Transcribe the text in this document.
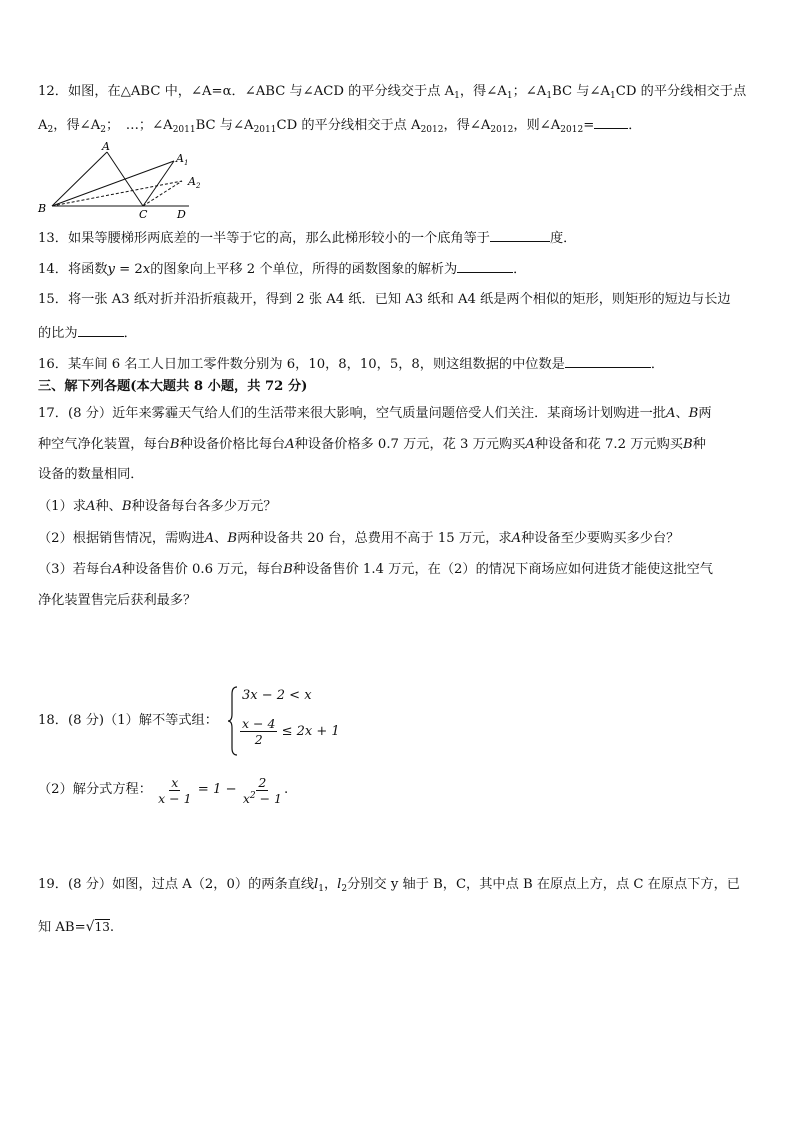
12．如图，在△ABC 中，∠A=α．∠ABC 与∠ACD 的平分线交于点 $A_1$，得$\angle A_1$；$\angle A_1BC$ 与$\angle A_1CD$ 的平分线相交于点
$A_2$，得$\angle A_2$；　…；$\angle A_{2011}BC$ 与$\angle A_{2011}CD$ 的平分线相交于点 $A_{2012}$，得$\angle A_{2012}$，则$\angle A_{2012}=$	．
A
$A_1$
$A_2$
B	C	D
13．如果等腰梯形两底差的一半等于它的高，那么此梯形较小的一个底角等于	度．
14．将函数y = 2x的图象向上平移 2 个单位，所得的函数图象的解析为	．
15．将一张 A3 纸对折并沿折痕裁开，得到 2 张 A4 纸．已知 A3 纸和 A4 纸是两个相似的矩形，则矩形的短边与长边
的比为	．
16．某车间 6 名工人日加工零件数分别为 6，10，8，10，5，8，则这组数据的中位数是	．
三、解下列各题(本大题共 8 小题，共 72 分)
17．(8 分）近年来雾霾天气给人们的生活带来很大影响，空气质量问题倍受人们关注．某商场计划购进一批A、B两
种空气净化装置，每台B种设备价格比每台A种设备价格多 0.7 万元，花 3 万元购买A种设备和花 7.2 万元购买B种
设备的数量相同．
（1）求A种、B种设备每台各多少万元？
（2）根据销售情况，需购进A、B两种设备共 20 台，总费用不高于 15 万元，求A种设备至少要购买多少台？
（3）若每台A种设备售价 0.6 万元，每台B种设备售价 1.4 万元，在（2）的情况下商场应如何进货才能使这批空气
净化装置售完后获利最多？
18．(8 分)（1）解不等式组：
3x − 2 < x
$\frac{x - 4}{2} \le 2x + 1$
（2）解分式方程： $\frac{x}{x - 1} = 1 - \frac{2}{x^2 - 1}$ .
19．(8 分）如图，过点 A（2，0）的两条直线$l_1$，$l_2$分别交 y 轴于 B，C，其中点 B 在原点上方，点 C 在原点下方，已
知 AB=√13.
